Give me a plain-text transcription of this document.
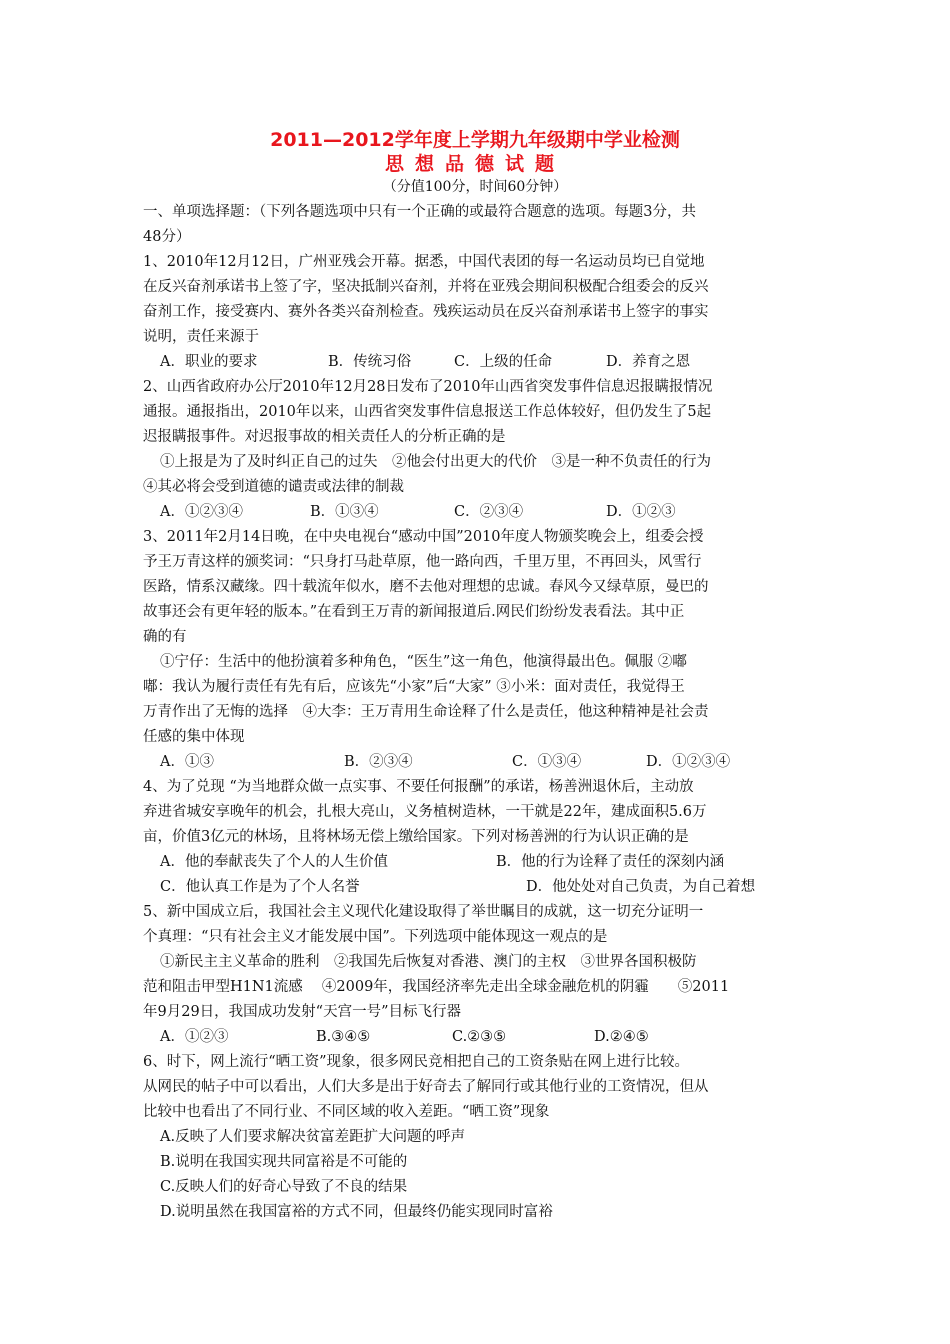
2011—2012学年度上学期九年级期中学业检测
思想品德试题
（分值100分，时间60分钟）
一、单项选择题：（下列各题选项中只有一个正确的或最符合题意的选项。每题3分，共
48分）
1、2010年12月12日，广州亚残会开幕。据悉，中国代表团的每一名运动员均已自觉地
在反兴奋剂承诺书上签了字，坚决抵制兴奋剂，并将在亚残会期间积极配合组委会的反兴
奋剂工作，接受赛内、赛外各类兴奋剂检查。残疾运动员在反兴奋剂承诺书上签字的事实
说明，责任来源于
A．职业的要求	B．传统习俗	C．上级的任命	D．养育之恩
2、山西省政府办公厅2010年12月28日发布了2010年山西省突发事件信息迟报瞒报情况
通报。通报指出，2010年以来，山西省突发事件信息报送工作总体较好，但仍发生了5起
迟报瞒报事件。对迟报事故的相关责任人的分析正确的是
①上报是为了及时纠正自己的过失　②他会付出更大的代价　③是一种不负责任的行为
④其必将会受到道德的谴责或法律的制裁
A．①②③④	B．①③④	C．②③④	D．①②③
3、2011年2月14日晚，在中央电视台“感动中国”2010年度人物颁奖晚会上，组委会授
予王万青这样的颁奖词：“只身打马赴草原，他一路向西，千里万里，不再回头，风雪行
医路，情系汉藏缘。四十载流年似水，磨不去他对理想的忠诚。春风今又绿草原，曼巴的
故事还会有更年轻的版本。”在看到王万青的新闻报道后.网民们纷纷发表看法。其中正
确的有
①宁仔：生活中的他扮演着多种角色，“医生”这一角色，他演得最出色。佩服 ②嘟
嘟：我认为履行责任有先有后，应该先“小家”后“大家” ③小米：面对责任，我觉得王
万青作出了无悔的选择　④大李：王万青用生命诠释了什么是责任，他这种精神是社会责
任感的集中体现
A．①③	B．②③④	C．①③④	D．①②③④
4、为了兑现 “为当地群众做一点实事、不要任何报酬”的承诺，杨善洲退休后，主动放
弃进省城安享晚年的机会，扎根大亮山，义务植树造林，一干就是22年，建成面积5.6万
亩，价值3亿元的林场，且将林场无偿上缴给国家。下列对杨善洲的行为认识正确的是
A．他的奉献丧失了个人的人生价值	B．他的行为诠释了责任的深刻内涵
C．他认真工作是为了个人名誉	D．他处处对自己负责，为自己着想
5、新中国成立后，我国社会主义现代化建设取得了举世瞩目的成就，这一切充分证明一
个真理：“只有社会主义才能发展中国”。下列选项中能体现这一观点的是
①新民主主义革命的胜利　②我国先后恢复对香港、澳门的主权　③世界各国积极防
范和阻击甲型H1N1流感　 ④2009年，我国经济率先走出全球金融危机的阴霾　　⑤2011
年9月29日，我国成功发射“天宫一号”目标飞行器
A．①②③	B.③④⑤	C.②③⑤	D.②④⑤
6、时下，网上流行“晒工资”现象，很多网民竞相把自己的工资条贴在网上进行比较。
从网民的帖子中可以看出，人们大多是出于好奇去了解同行或其他行业的工资情况，但从
比较中也看出了不同行业、不同区域的收入差距。“晒工资”现象
A.反映了人们要求解决贫富差距扩大问题的呼声
B.说明在我国实现共同富裕是不可能的
C.反映人们的好奇心导致了不良的结果
D.说明虽然在我国富裕的方式不同，但最终仍能实现同时富裕
